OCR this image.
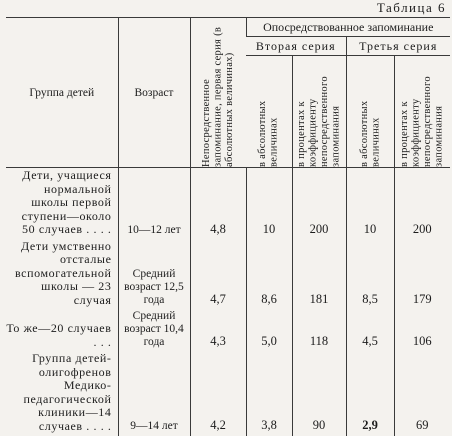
Таблица 6
Группа детей	Возраст	Непосредственное запоминание, первая серия (в абсолютных величинах)	Опосредствованное запоминание			
			Вторая серия		Третья серия	

			в абсолютных величинах	в процентах к коэффициенту непосредственного запоминания	в абсолютных величинах	в процентах к коэффициенту непосредственного запоминания

Дети, учащиеся нормальной школы первой ступени—около 50 случаев . . . .	10—12 лет	4,8	10	200	10	200
Дети умственно отсталые вспомогательной школы — 23 случая	Средний возраст 12,5 года	4,7	8,6	181	8,5	179
То же—20 случаев . . .	Средний возраст 10,4 года	4,3	5,0	118	4,5	106
Группа детей-олигофренов Медико-педагогической клиники—14 случаев . . . .	9—14 лет	4,2	3,8	90	2,9	69
